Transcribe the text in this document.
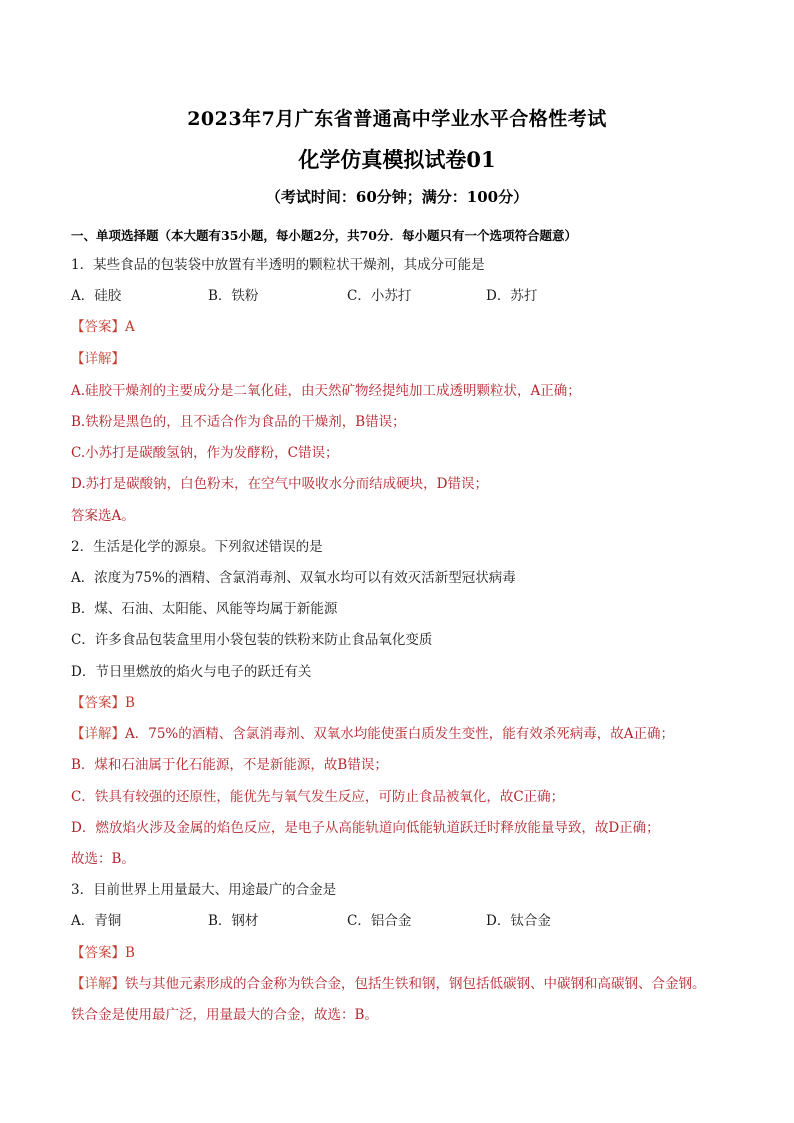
2023年7月广东省普通高中学业水平合格性考试
化学仿真模拟试卷01
（考试时间：60分钟；满分：100分）
一、单项选择题（本大题有35小题，每小题2分，共70分．每小题只有一个选项符合题意）
1．某些食品的包装袋中放置有半透明的颗粒状干燥剂，其成分可能是
A．硅胶	B．铁粉	C．小苏打	D．苏打
【答案】A
【详解】
A.硅胶干燥剂的主要成分是二氧化硅，由天然矿物经提纯加工成透明颗粒状，A正确；
B.铁粉是黑色的，且不适合作为食品的干燥剂，B错误；
C.小苏打是碳酸氢钠，作为发酵粉，C错误；
D.苏打是碳酸钠，白色粉末，在空气中吸收水分而结成硬块，D错误；
答案选A。
2．生活是化学的源泉。下列叙述错误的是
A．浓度为75%的酒精、含氯消毒剂、双氧水均可以有效灭活新型冠状病毒
B．煤、石油、太阳能、风能等均属于新能源
C．许多食品包装盒里用小袋包装的铁粉来防止食品氧化变质
D．节日里燃放的焰火与电子的跃迁有关
【答案】B
【详解】A．75%的酒精、含氯消毒剂、双氧水均能使蛋白质发生变性，能有效杀死病毒，故A正确；
B．煤和石油属于化石能源，不是新能源，故B错误；
C．铁具有较强的还原性，能优先与氧气发生反应，可防止食品被氧化，故C正确；
D．燃放焰火涉及金属的焰色反应，是电子从高能轨道向低能轨道跃迁时释放能量导致，故D正确；
故选：B。
3．目前世界上用量最大、用途最广的合金是
A．青铜	B．钢材	C．铝合金	D．钛合金
【答案】B
【详解】铁与其他元素形成的合金称为铁合金，包括生铁和钢，钢包括低碳钢、中碳钢和高碳钢、合金钢。
铁合金是使用最广泛，用量最大的合金，故选：B。
